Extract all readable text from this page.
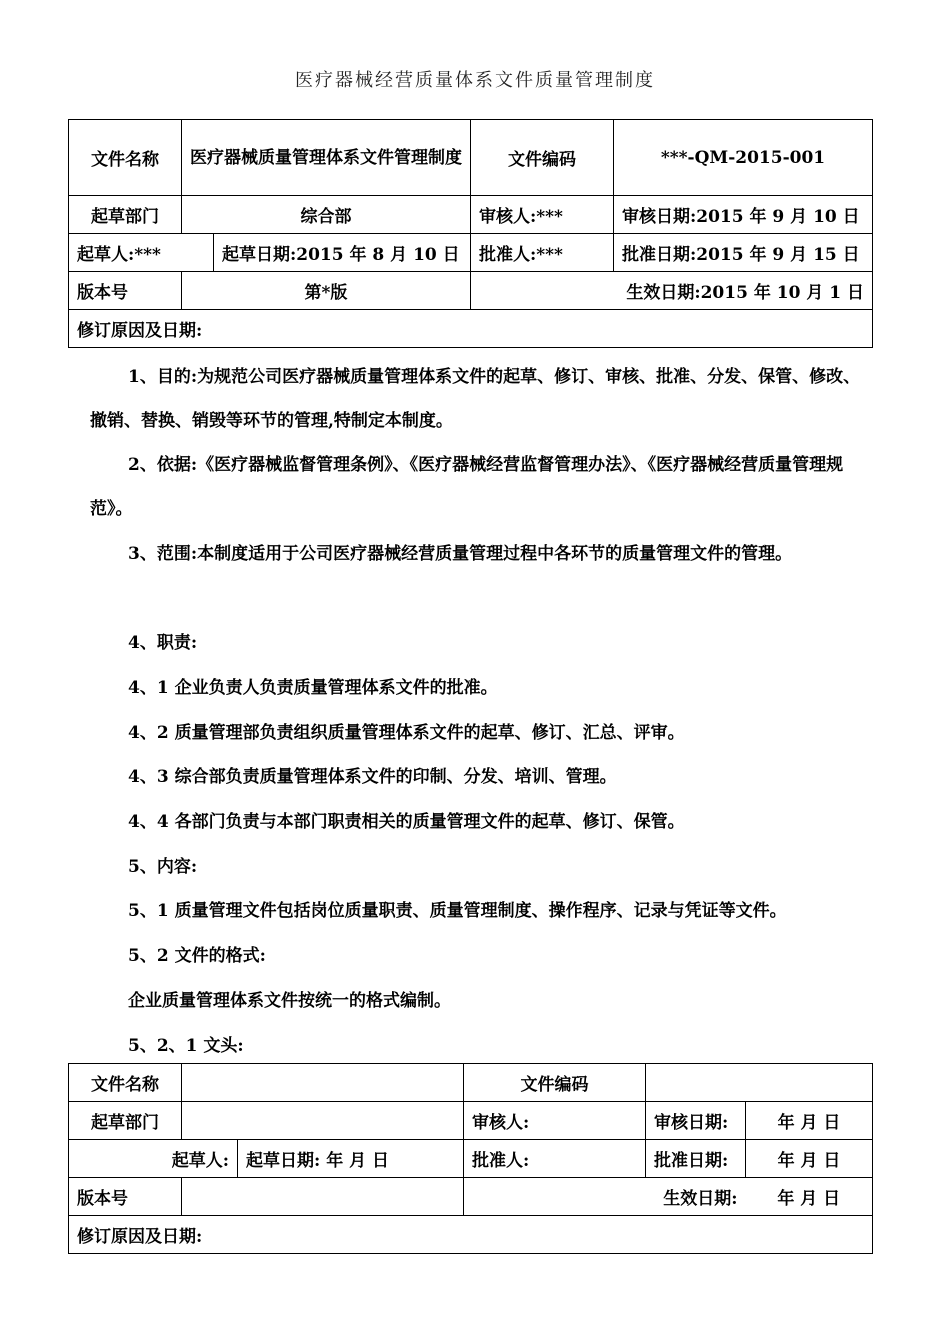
医疗器械经营质量体系文件质量管理制度
文件名称	医疗器械质量管理体系文件管理制度		文件编码	***-QM-2015-001
起草部门	综合部		审核人:***	审核日期:2015 年 9 月 10 日
起草人:***		起草日期:2015 年 8 月 10 日	批准人:***	批准日期:2015 年 9 月 15 日
版本号	第*版		生效日期:2015 年 10 月 1 日	
修订原因及日期:				
1、目的:为规范公司医疗器械质量管理体系文件的起草、修订、审核、批准、分发、保管、修改、撤销、替换、销毁等环节的管理,特制定本制度。
2、依据:《医疗器械监督管理条例》、《医疗器械经营监督管理办法》、《医疗器械经营质量管理规范》。
3、范围:本制度适用于公司医疗器械经营质量管理过程中各环节的质量管理文件的管理。
4、职责:
4、1 企业负责人负责质量管理体系文件的批准。
4、2 质量管理部负责组织质量管理体系文件的起草、修订、汇总、评审。
4、3 综合部负责质量管理体系文件的印制、分发、培训、管理。
4、4 各部门负责与本部门职责相关的质量管理文件的起草、修订、保管。
5、内容:
5、1 质量管理文件包括岗位质量职责、质量管理制度、操作程序、记录与凭证等文件。
5、2 文件的格式:
企业质量管理体系文件按统一的格式编制。
5、2、1 文头:
文件名称			文件编码		
起草部门			审核人:	审核日期:	年 月 日
起草人:		起草日期: 年 月 日	批准人:	批准日期:	年 月 日
版本号			生效日期:		年 月 日
修订原因及日期:					
